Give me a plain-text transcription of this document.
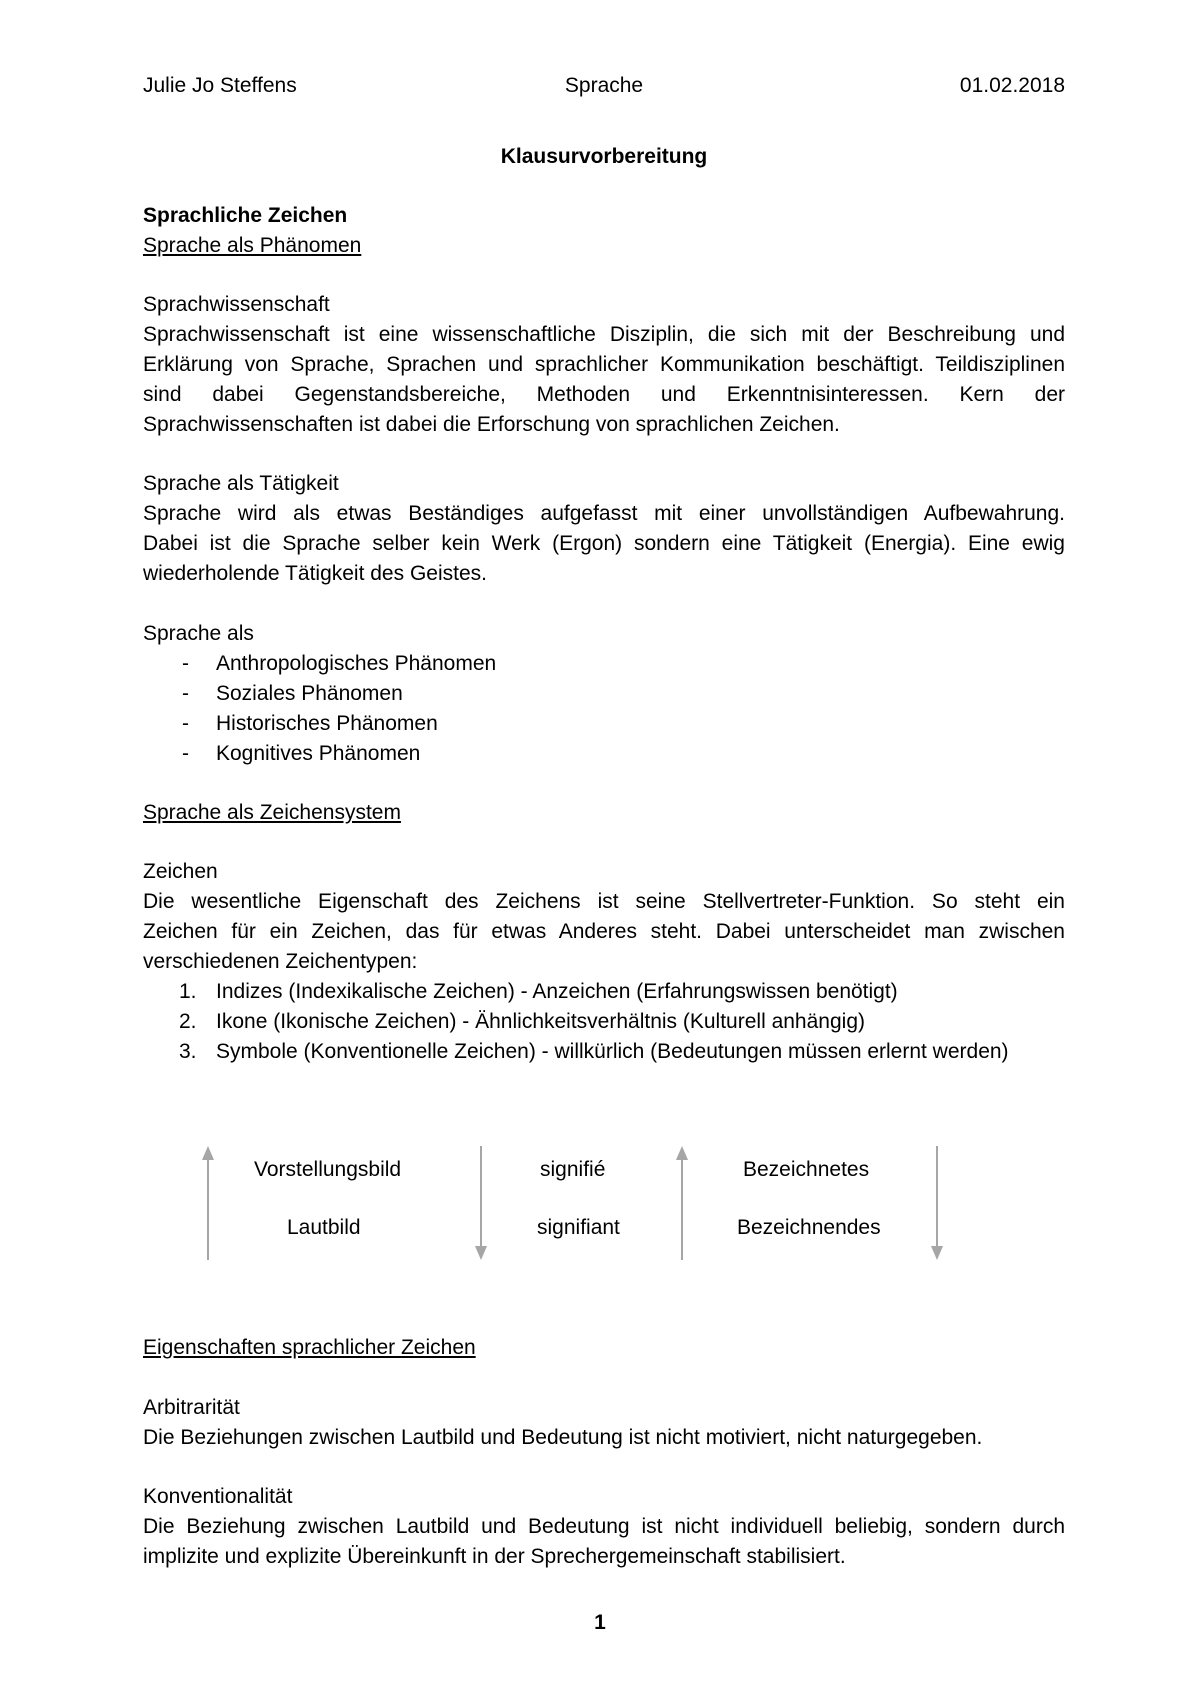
Julie Jo Steffens	Sprache	01.02.2018
Klausurvorbereitung
Sprachliche Zeichen
Sprache als Phänomen
Sprachwissenschaft
Sprachwissenschaft ist eine wissenschaftliche Disziplin, die sich mit der Beschreibung und
Erklärung von Sprache, Sprachen und sprachlicher Kommunikation beschäftigt. Teildisziplinen
sind dabei Gegenstandsbereiche, Methoden und Erkenntnisinteressen. Kern der
Sprachwissenschaften ist dabei die Erforschung von sprachlichen Zeichen.
Sprache als Tätigkeit
Sprache wird als etwas Beständiges aufgefasst mit einer unvollständigen Aufbewahrung.
Dabei ist die Sprache selber kein Werk (Ergon) sondern eine Tätigkeit (Energia). Eine ewig
wiederholende Tätigkeit des Geistes.
Sprache als
- Anthropologisches Phänomen
- Soziales Phänomen
- Historisches Phänomen
- Kognitives Phänomen
Sprache als Zeichensystem
Zeichen
Die wesentliche Eigenschaft des Zeichens ist seine Stellvertreter-Funktion. So steht ein
Zeichen für ein Zeichen, das für etwas Anderes steht. Dabei unterscheidet man zwischen
verschiedenen Zeichentypen:
1. Indizes (Indexikalische Zeichen) - Anzeichen (Erfahrungswissen benötigt)
2. Ikone (Ikonische Zeichen) - Ähnlichkeitsverhältnis (Kulturell anhängig)
3. Symbole (Konventionelle Zeichen) - willkürlich (Bedeutungen müssen erlernt werden)
Eigenschaften sprachlicher Zeichen
Arbitrarität
Die Beziehungen zwischen Lautbild und Bedeutung ist nicht motiviert, nicht naturgegeben.
Konventionalität
Die Beziehung zwischen Lautbild und Bedeutung ist nicht individuell beliebig, sondern durch
implizite und explizite Übereinkunft in der Sprechergemeinschaft stabilisiert.
Vorstellungsbild	signifié	Bezeichnetes
Lautbild	signifiant	Bezeichnendes
1
